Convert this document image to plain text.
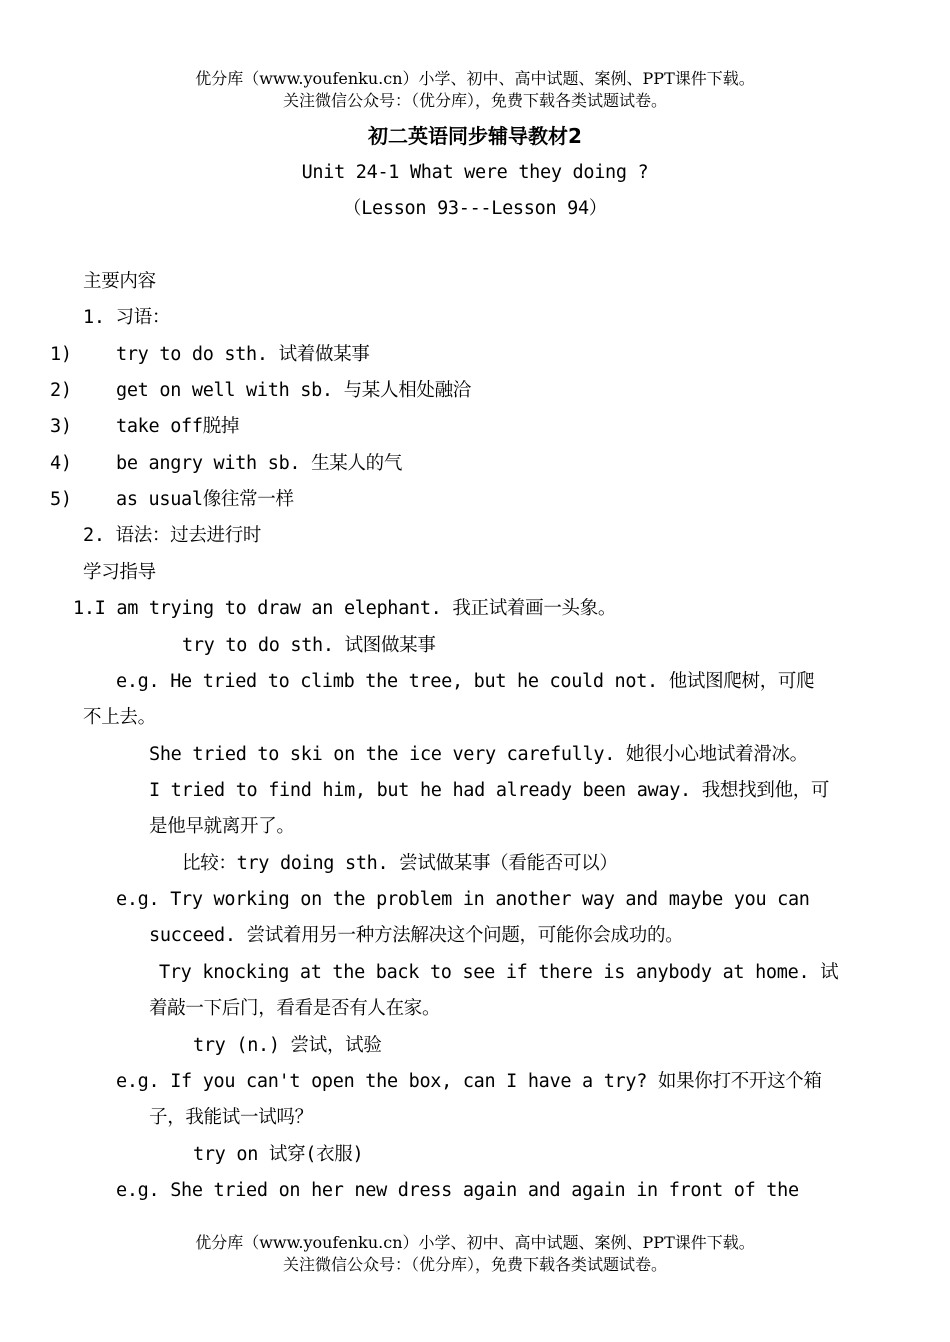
优分库（www.youfenku.cn）小学、初中、高中试题、案例、PPT课件下载。
关注微信公众号：（优分库），免费下载各类试题试卷。
初二英语同步辅导教材2
Unit 24-1 What were they doing ?
（Lesson 93---Lesson 94）
主要内容
1. 习语：
1) try to do sth. 试着做某事
2) get on well with sb. 与某人相处融洽
3) take off脱掉
4) be angry with sb. 生某人的气
5) as usual像往常一样
2. 语法：过去进行时
学习指导
1.I am trying to draw an elephant. 我正试着画一头象。
try to do sth. 试图做某事
e.g. He tried to climb the tree, but he could not. 他试图爬树，可爬
不上去。
She tried to ski on the ice very carefully. 她很小心地试着滑冰。
I tried to find him, but he had already been away. 我想找到他，可
是他早就离开了。
比较：try doing sth. 尝试做某事（看能否可以）
e.g. Try working on the problem in another way and maybe you can
succeed. 尝试着用另一种方法解决这个问题，可能你会成功的。
Try knocking at the back to see if there is anybody at home. 试
着敲一下后门，看看是否有人在家。
try (n.) 尝试，试验
e.g. If you can't open the box, can I have a try? 如果你打不开这个箱
子，我能试一试吗？
try on 试穿(衣服)
e.g. She tried on her new dress again and again in front of the
优分库（www.youfenku.cn）小学、初中、高中试题、案例、PPT课件下载。
关注微信公众号：（优分库），免费下载各类试题试卷。
